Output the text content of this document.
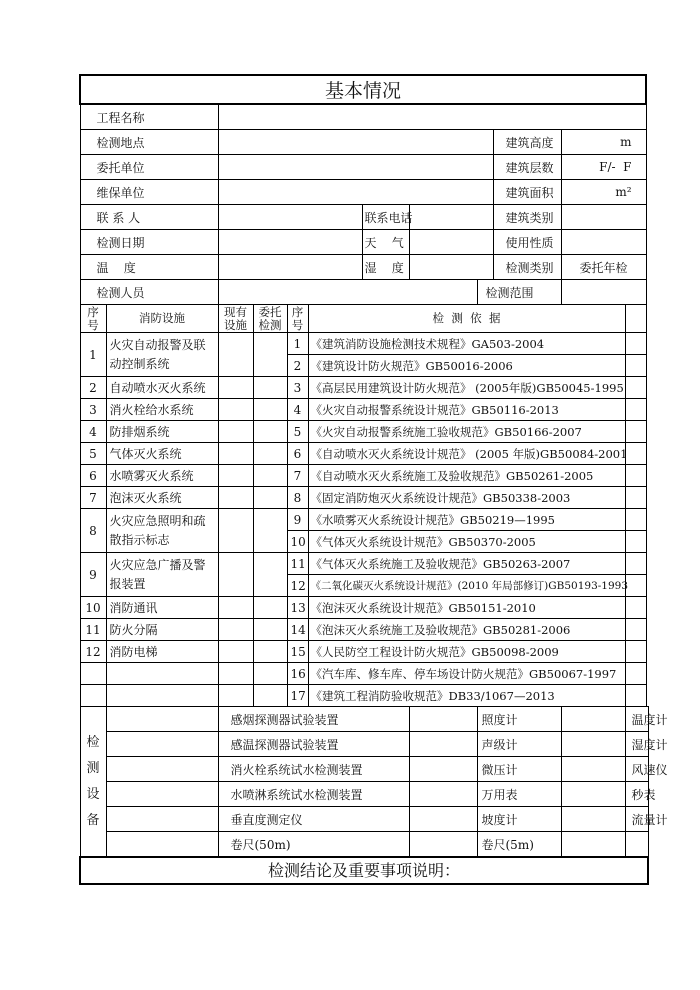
基本情况											
工程名称											
检测地点									建筑高度	m	
委托单位									建筑层数	F/-  F	
维保单位									建筑面积	m²	
联 系 人						联系电话			建筑类别		
检测日期						天    气			使用性质		
温    度						湿    度			检测类别	委托年检	
检测人员								检测范围			
序号	消防设施	现有设施	委托检测	序号	检  测  依  据						
1	火灾自动报警及联动控制系统			1	《建筑消防设施检测技术规程》GA503-2004						
				2	《建筑设计防火规范》GB50016-2006						
2	自动喷水灭火系统			3	《高层民用建筑设计防火规范》 (2005年版)GB50045-1995						
3	消火栓给水系统			4	《火灾自动报警系统设计规范》GB50116-2013						
4	防排烟系统			5	《火灾自动报警系统施工验收规范》GB50166-2007						
5	气体灭火系统			6	《自动喷水灭火系统设计规范》 (2005 年版)GB50084-2001						
6	水喷雾灭火系统			7	《自动喷水灭火系统施工及验收规范》GB50261-2005						
7	泡沫灭火系统			8	《固定消防炮灭火系统设计规范》GB50338-2003						
8	火灾应急照明和疏散指示标志			9	《水喷雾灭火系统设计规范》GB50219—1995						
				10	《气体灭火系统设计规范》GB50370-2005						
9	火灾应急广播及警报装置			11	《气体灭火系统施工及验收规范》GB50263-2007						
				12	《二氧化碳灭火系统设计规范》(2010 年局部修订)GB50193-1993						
10	消防通讯			13	《泡沫灭火系统设计规范》GB50151-2010						
11	防火分隔			14	《泡沫灭火系统施工及验收规范》GB50281-2006						
12	消防电梯			15	《人民防空工程设计防火规范》GB50098-2009						
				16	《汽车库、修车库、停车场设计防火规范》GB50067-1997						
				17	《建筑工程消防验收规范》DB33/1067—2013						
检测设备		感烟探测器试验装置						照度计			温度计
		感温探测器试验装置						声级计			湿度计
		消火栓系统试水检测装置						微压计			风速仪
		水喷淋系统试水检测装置						万用表			秒表
		垂直度测定仪						坡度计			流量计
		卷尺(50m)						卷尺(5m)			
检测结论及重要事项说明：
